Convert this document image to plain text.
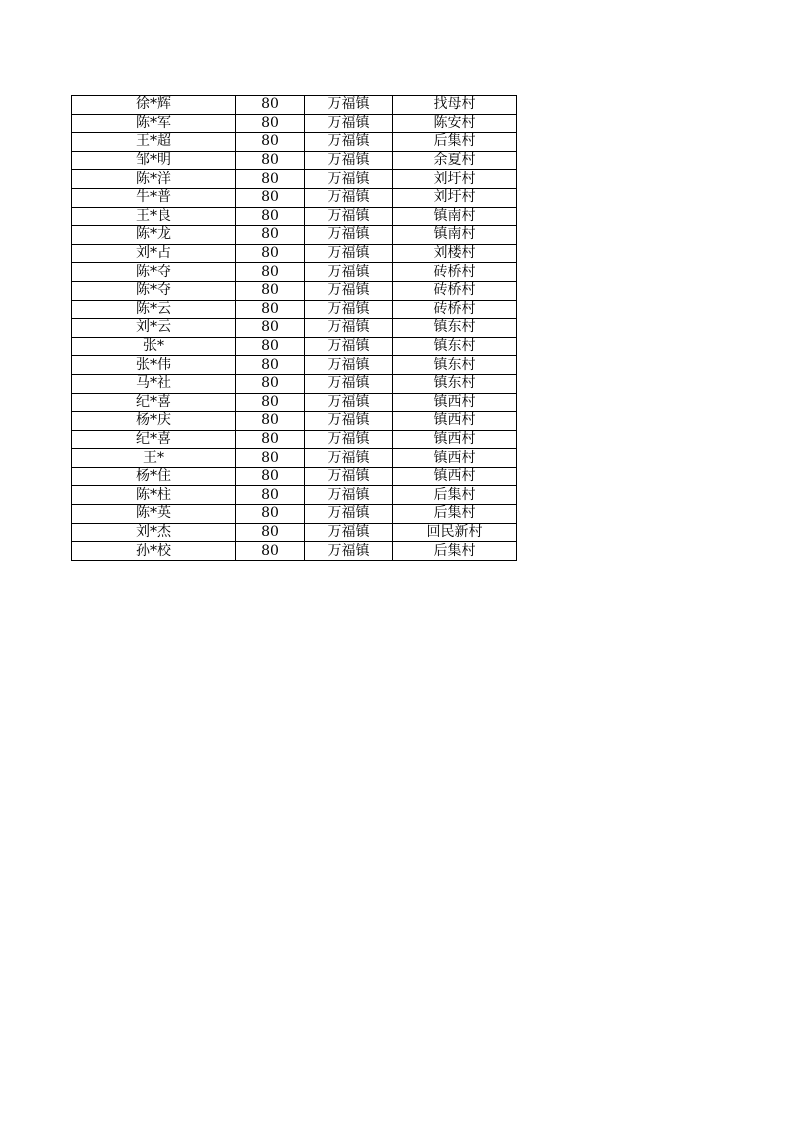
徐*辉	80	万福镇	找母村
陈*军	80	万福镇	陈安村
王*超	80	万福镇	后集村
邹*明	80	万福镇	余夏村
陈*洋	80	万福镇	刘圩村
牛*普	80	万福镇	刘圩村
王*良	80	万福镇	镇南村
陈*龙	80	万福镇	镇南村
刘*占	80	万福镇	刘楼村
陈*夺	80	万福镇	砖桥村
陈*夺	80	万福镇	砖桥村
陈*云	80	万福镇	砖桥村
刘*云	80	万福镇	镇东村
张*	80	万福镇	镇东村
张*伟	80	万福镇	镇东村
马*社	80	万福镇	镇东村
纪*喜	80	万福镇	镇西村
杨*庆	80	万福镇	镇西村
纪*喜	80	万福镇	镇西村
王*	80	万福镇	镇西村
杨*住	80	万福镇	镇西村
陈*柱	80	万福镇	后集村
陈*英	80	万福镇	后集村
刘*杰	80	万福镇	回民新村
孙*校	80	万福镇	后集村
